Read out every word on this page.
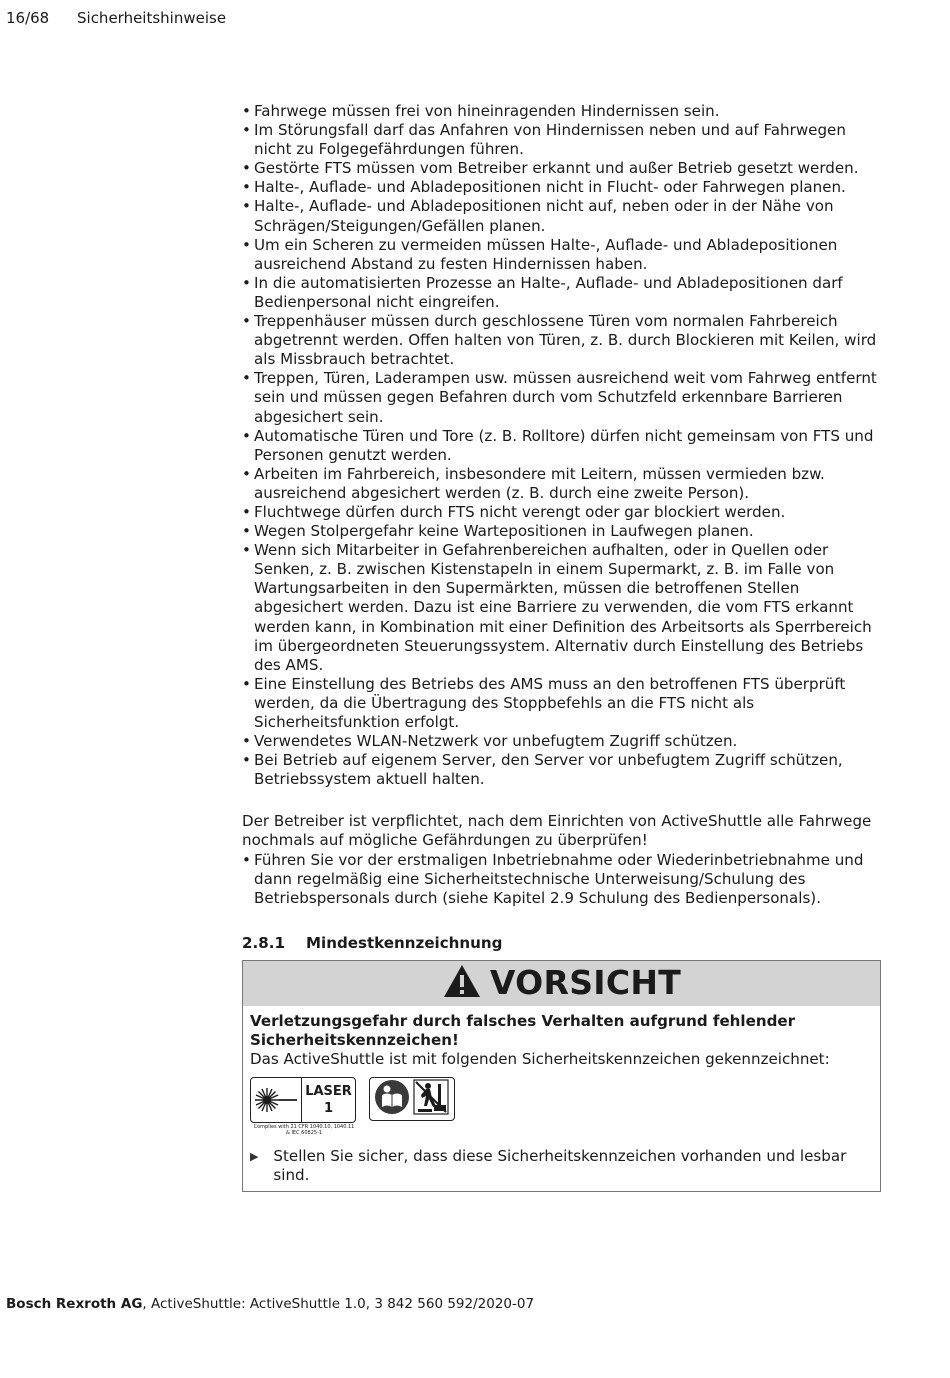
16/68 Sicherheitshinweise
• Fahrwege müssen frei von hineinragenden Hindernissen sein.
• Im Störungsfall darf das Anfahren von Hindernissen neben und auf Fahrwegen nicht zu Folgegefährdungen führen.
• Gestörte FTS müssen vom Betreiber erkannt und außer Betrieb gesetzt werden.
• Halte-, Auflade- und Abladepositionen nicht in Flucht- oder Fahrwegen planen.
• Halte-, Auflade- und Abladepositionen nicht auf, neben oder in der Nähe von Schrägen/Steigungen/Gefällen planen.
• Um ein Scheren zu vermeiden müssen Halte-, Auflade- und Abladepositionen ausreichend Abstand zu festen Hindernissen haben.
• In die automatisierten Prozesse an Halte-, Auflade- und Abladepositionen darf Bedienpersonal nicht eingreifen.
• Treppenhäuser müssen durch geschlossene Türen vom normalen Fahrbereich abgetrennt werden. Offen halten von Türen, z. B. durch Blockieren mit Keilen, wird als Missbrauch betrachtet.
• Treppen, Türen, Laderampen usw. müssen ausreichend weit vom Fahrweg entfernt sein und müssen gegen Befahren durch vom Schutzfeld erkennbare Barrieren abgesichert sein.
• Automatische Türen und Tore (z. B. Rolltore) dürfen nicht gemeinsam von FTS und Personen genutzt werden.
• Arbeiten im Fahrbereich, insbesondere mit Leitern, müssen vermieden bzw. ausreichend abgesichert werden (z. B. durch eine zweite Person).
• Fluchtwege dürfen durch FTS nicht verengt oder gar blockiert werden.
• Wegen Stolpergefahr keine Wartepositionen in Laufwegen planen.
• Wenn sich Mitarbeiter in Gefahrenbereichen aufhalten, oder in Quellen oder Senken, z. B. zwischen Kistenstapeln in einem Supermarkt, z. B. im Falle von Wartungsarbeiten in den Supermärkten, müssen die betroffenen Stellen abgesichert werden. Dazu ist eine Barriere zu verwenden, die vom FTS erkannt werden kann, in Kombination mit einer Definition des Arbeitsorts als Sperrbereich im übergeordneten Steuerungssystem. Alternativ durch Einstellung des Betriebs des AMS.
• Eine Einstellung des Betriebs des AMS muss an den betroffenen FTS überprüft werden, da die Übertragung des Stoppbefehls an die FTS nicht als Sicherheitsfunktion erfolgt.
• Verwendetes WLAN-Netzwerk vor unbefugtem Zugriff schützen.
• Bei Betrieb auf eigenem Server, den Server vor unbefugtem Zugriff schützen, Betriebssystem aktuell halten.

Der Betreiber ist verpflichtet, nach dem Einrichten von ActiveShuttle alle Fahrwege nochmals auf mögliche Gefährdungen zu überprüfen!

• Führen Sie vor der erstmaligen Inbetriebnahme oder Wiederinbetriebnahme und dann regelmäßig eine Sicherheitstechnische Unterweisung/Schulung des Betriebspersonals durch (siehe Kapitel 2.9 Schulung des Bedienpersonals).
2.8.1 Mindestkennzeichnung
VORSICHT
Verletzungsgefahr durch falsches Verhalten aufgrund fehlender Sicherheitskennzeichen!
Das ActiveShuttle ist mit folgenden Sicherheitskennzeichen gekennzeichnet:
LASER
1
Complies with 21 CFR 1040.10, 1040.11
& IEC 60825-1
▶ Stellen Sie sicher, dass diese Sicherheitskennzeichen vorhanden und lesbar sind.
Bosch Rexroth AG, ActiveShuttle: ActiveShuttle 1.0, 3 842 560 592/2020-07
